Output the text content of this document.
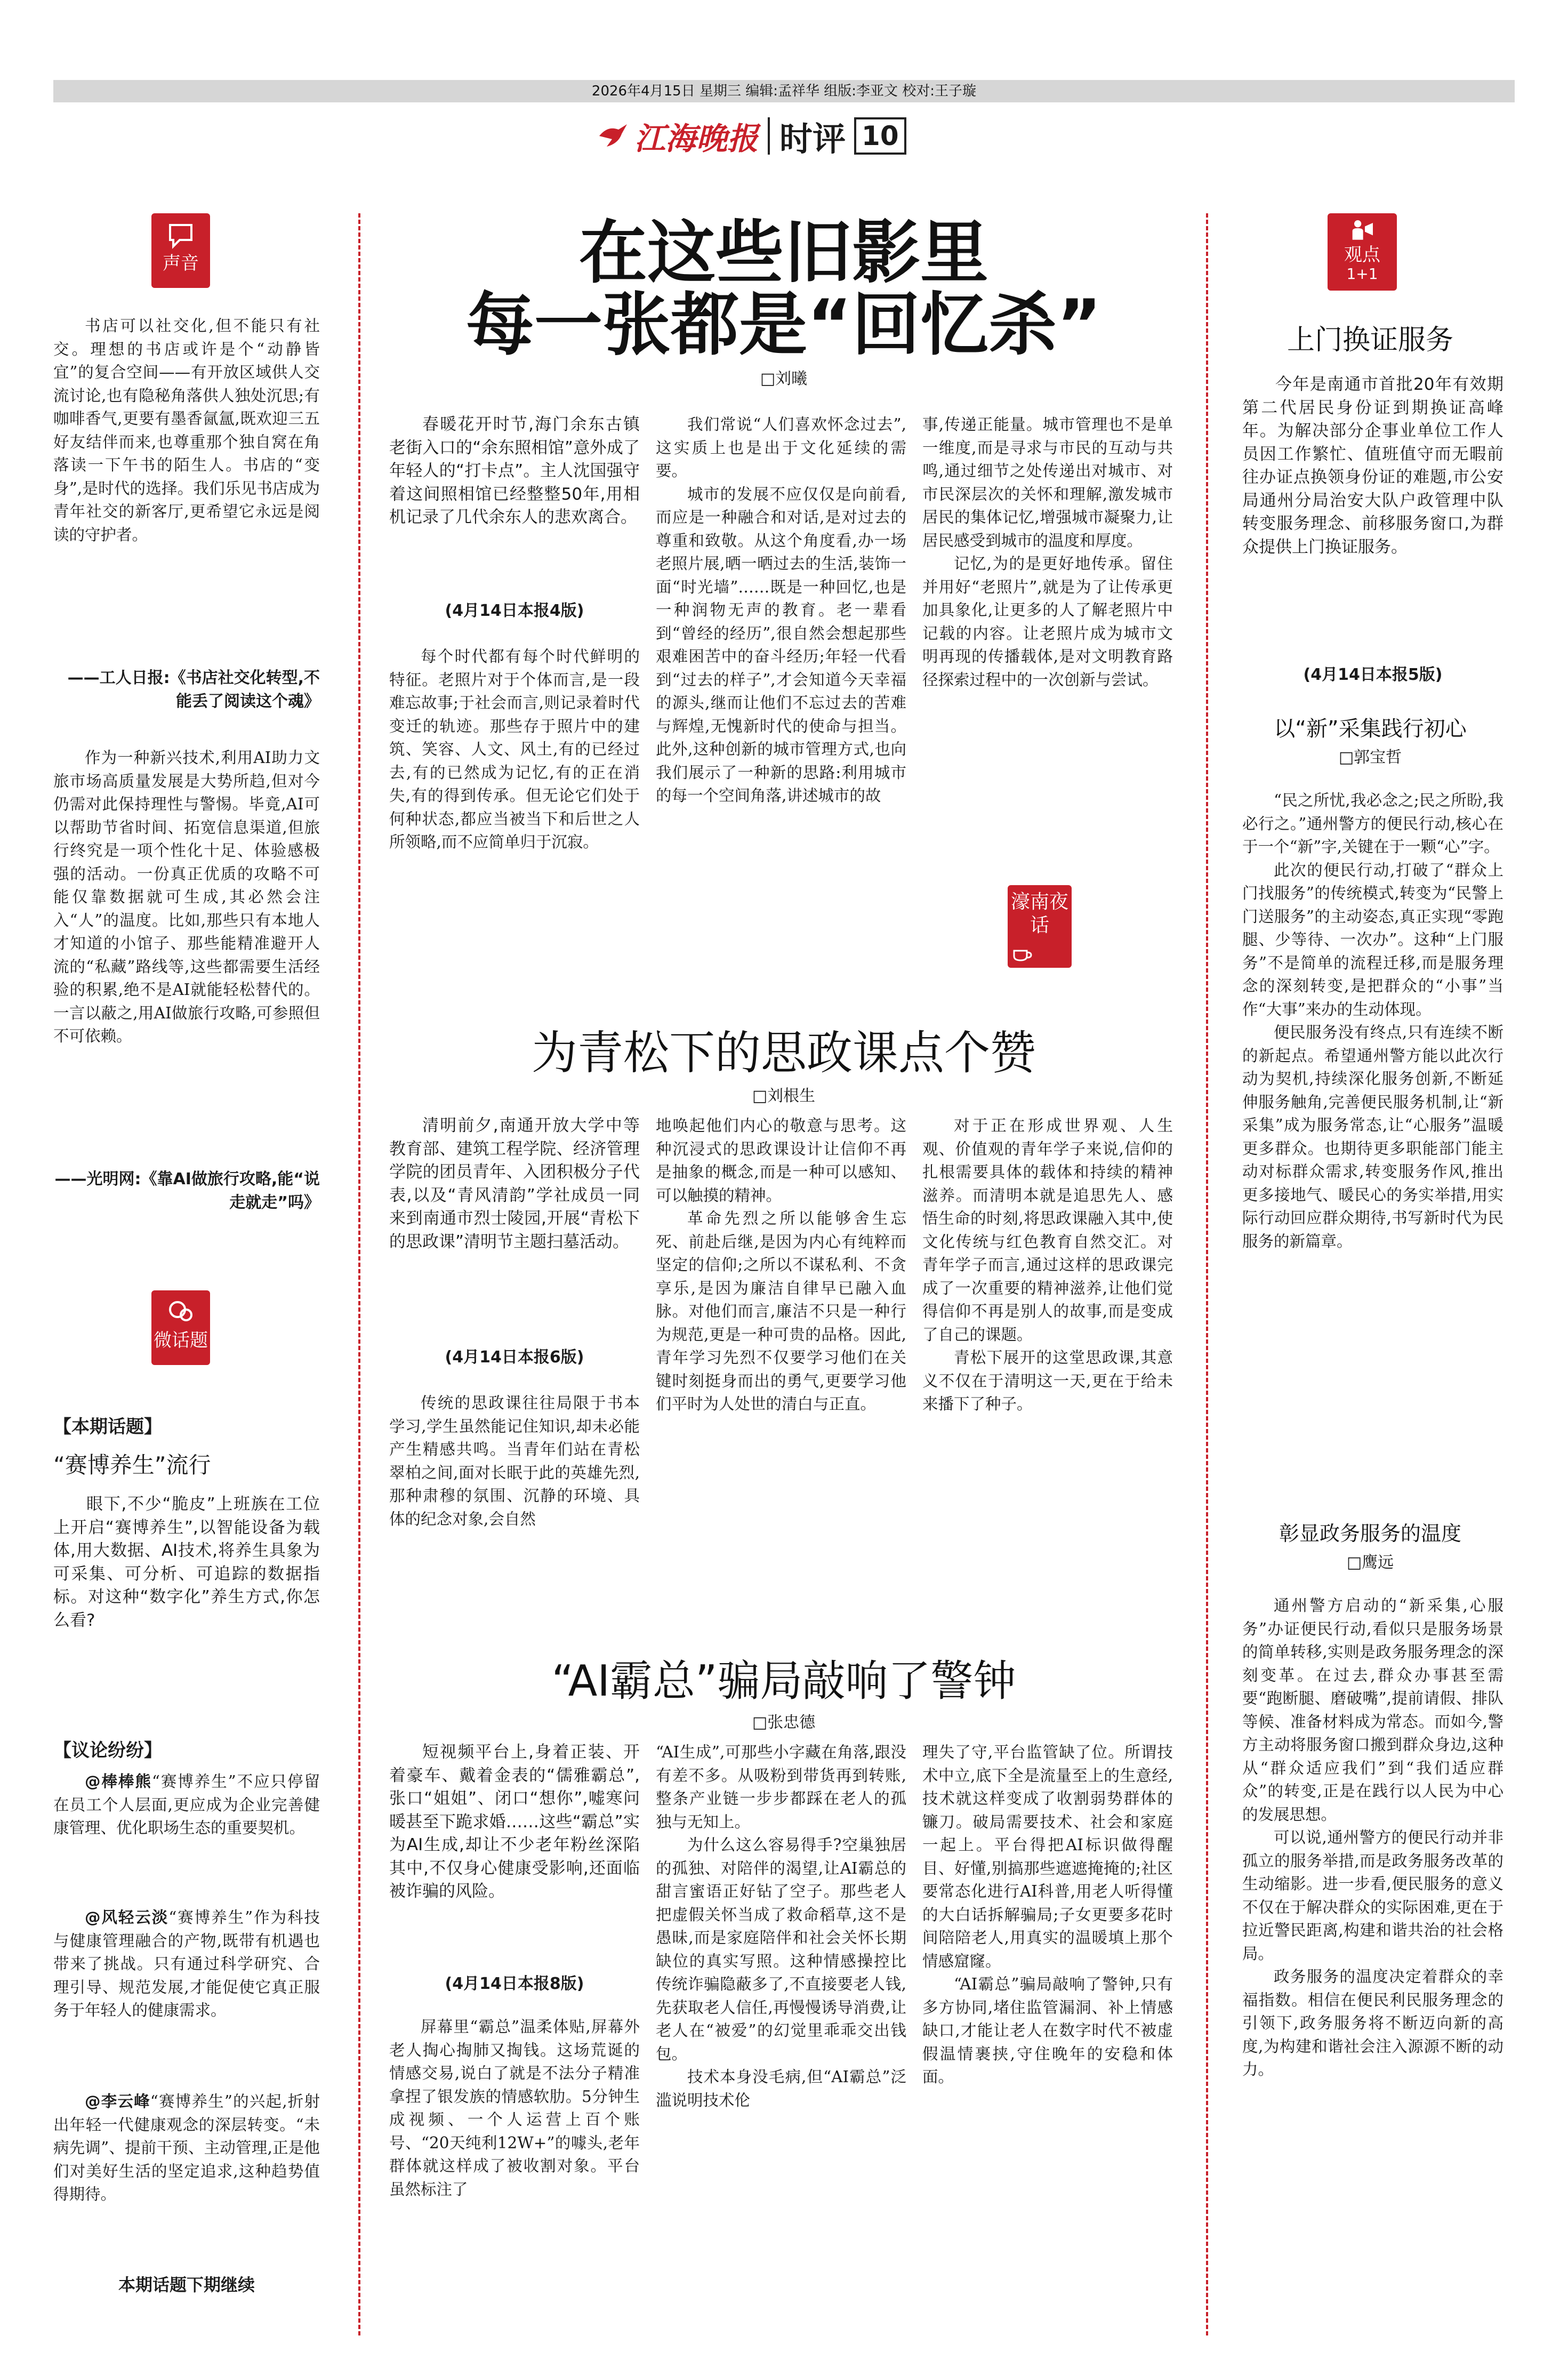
2026年4月15日 星期三 编辑:孟祥华 组版:李亚文 校对:王子璇
江海晚报 时评 10
声音

书店可以社交化,但不能只有社交。理想的书店或许是个“动静皆宜”的复合空间——有开放区域供人交流讨论,也有隐秘角落供人独处沉思;有咖啡香气,更要有墨香氤氲,既欢迎三五好友结伴而来,也尊重那个独自窝在角落读一下午书的陌生人。书店的“变身”,是时代的选择。我们乐见书店成为青年社交的新客厅,更希望它永远是阅读的守护者。

——工人日报:《书店社交化转型,不能丢了阅读这个魂》

作为一种新兴技术,利用AI助力文旅市场高质量发展是大势所趋,但对今仍需对此保持理性与警惕。毕竟,AI可以帮助节省时间、拓宽信息渠道,但旅行终究是一项个性化十足、体验感极强的活动。一份真正优质的攻略不可能仅靠数据就可生成,其必然会注入“人”的温度。比如,那些只有本地人才知道的小馆子、那些能精准避开人流的“私藏”路线等,这些都需要生活经验的积累,绝不是AI就能轻松替代的。一言以蔽之,用AI做旅行攻略,可参照但不可依赖。

——光明网:《靠AI做旅行攻略,能“说走就走”吗》
微话题
【本期话题】
“赛博养生”流行

眼下,不少“脆皮”上班族在工位上开启“赛博养生”,以智能设备为载体,用大数据、AI技术,将养生具象为可采集、可分析、可追踪的数据指标。对这种“数字化”养生方式,你怎么看?

【议论纷纷】

@棒棒熊“赛博养生”不应只停留在员工个人层面,更应成为企业完善健康管理、优化职场生态的重要契机。

@风轻云淡“赛博养生”作为科技与健康管理融合的产物,既带有机遇也带来了挑战。只有通过科学研究、合理引导、规范发展,才能促使它真正服务于年轻人的健康需求。

@李云峰“赛博养生”的兴起,折射出年轻一代健康观念的深层转变。“未病先调”、提前干预、主动管理,正是他们对美好生活的坚定追求,这种趋势值得期待。

本期话题下期继续
在这些旧影里
每一张都是“回忆杀”
□刘曦

春暖花开时节,海门余东古镇老街入口的“余东照相馆”意外成了年轻人的“打卡点”。主人沈国强守着这间照相馆已经整整50年,用相机记录了几代余东人的悲欢离合。

(4月14日本报4版)

每个时代都有每个时代鲜明的特征。老照片对于个体而言,是一段难忘故事;于社会而言,则记录着时代变迁的轨迹。那些存于照片中的建筑、笑容、人文、风土,有的已经过去,有的已然成为记忆,有的正在消失,有的得到传承。但无论它们处于何种状态,都应当被当下和后世之人所领略,而不应简单归于沉寂。

我们常说“人们喜欢怀念过去”,这实质上也是出于文化延续的需要。

城市的发展不应仅仅是向前看,而应是一种融合和对话,是对过去的尊重和致敬。从这个角度看,办一场老照片展,晒一晒过去的生活,装饰一面“时光墙”……既是一种回忆,也是一种润物无声的教育。老一辈看到“曾经的经历”,很自然会想起那些艰难困苦中的奋斗经历;年轻一代看到“过去的样子”,才会知道今天幸福的源头,继而让他们不忘过去的苦难与辉煌,无愧新时代的使命与担当。此外,这种创新的城市管理方式,也向我们展示了一种新的思路:利用城市的每一个空间角落,讲述城市的故

事,传递正能量。城市管理也不是单一维度,而是寻求与市民的互动与共鸣,通过细节之处传递出对城市、对市民深层次的关怀和理解,激发城市居民的集体记忆,增强城市凝聚力,让居民感受到城市的温度和厚度。

记忆,为的是更好地传承。留住并用好“老照片”,就是为了让传承更加具象化,让更多的人了解老照片中记载的内容。让老照片成为城市文明再现的传播载体,是对文明教育路径探索过程中的一次创新与尝试。

濠南夜话
为青松下的思政课点个赞
□刘根生

清明前夕,南通开放大学中等教育部、建筑工程学院、经济管理学院的团员青年、入团积极分子代表,以及“青风清韵”学社成员一同来到南通市烈士陵园,开展“青松下的思政课”清明节主题扫墓活动。

(4月14日本报6版)

传统的思政课往往局限于书本学习,学生虽然能记住知识,却未必能产生精感共鸣。当青年们站在青松翠柏之间,面对长眠于此的英雄先烈,那种肃穆的氛围、沉静的环境、具体的纪念对象,会自然

地唤起他们内心的敬意与思考。这种沉浸式的思政课设计让信仰不再是抽象的概念,而是一种可以感知、可以触摸的精神。

革命先烈之所以能够舍生忘死、前赴后继,是因为内心有纯粹而坚定的信仰;之所以不谋私利、不贪享乐,是因为廉洁自律早已融入血脉。对他们而言,廉洁不只是一种行为规范,更是一种可贵的品格。因此,青年学习先烈不仅要学习他们在关键时刻挺身而出的勇气,更要学习他们平时为人处世的清白与正直。

对于正在形成世界观、人生观、价值观的青年学子来说,信仰的扎根需要具体的载体和持续的精神滋养。而清明本就是追思先人、感悟生命的时刻,将思政课融入其中,使文化传统与红色教育自然交汇。对青年学子而言,通过这样的思政课完成了一次重要的精神滋养,让他们觉得信仰不再是别人的故事,而是变成了自己的课题。

青松下展开的这堂思政课,其意义不仅在于清明这一天,更在于给未来播下了种子。

“AI霸总”骗局敲响了警钟
□张忠德

短视频平台上,身着正装、开着豪车、戴着金表的“儒雅霸总”,张口“姐姐”、闭口“想你”,嘘寒问暖甚至下跪求婚……这些“霸总”实为AI生成,却让不少老年粉丝深陷其中,不仅身心健康受影响,还面临被诈骗的风险。

(4月14日本报8版)

屏幕里“霸总”温柔体贴,屏幕外老人掏心掏肺又掏钱。这场荒诞的情感交易,说白了就是不法分子精准拿捏了银发族的情感软肋。5分钟生成视频、一个人运营上百个账号、“20天纯利12W+”的噱头,老年群体就这样成了被收割对象。平台虽然标注了

“AI生成”,可那些小字藏在角落,跟没有差不多。从吸粉到带货再到转账,整条产业链一步步都踩在老人的孤独与无知上。

为什么这么容易得手?空巢独居的孤独、对陪伴的渴望,让AI霸总的甜言蜜语正好钻了空子。那些老人把虚假关怀当成了救命稻草,这不是愚昧,而是家庭陪伴和社会关怀长期缺位的真实写照。这种情感操控比传统诈骗隐蔽多了,不直接要老人钱,先获取老人信任,再慢慢诱导消费,让老人在“被爱”的幻觉里乖乖交出钱包。

技术本身没毛病,但“AI霸总”泛滥说明技术伦

理失了守,平台监管缺了位。所谓技术中立,底下全是流量至上的生意经,技术就这样变成了收割弱势群体的镰刀。破局需要技术、社会和家庭一起上。平台得把AI标识做得醒目、好懂,别搞那些遮遮掩掩的;社区要常态化进行AI科普,用老人听得懂的大白话拆解骗局;子女更要多花时间陪陪老人,用真实的温暖填上那个情感窟窿。

“AI霸总”骗局敲响了警钟,只有多方协同,堵住监管漏洞、补上情感缺口,才能让老人在数字时代不被虚假温情裹挟,守住晚年的安稳和体面。

观点
1+1
上门换证服务

今年是南通市首批20年有效期第二代居民身份证到期换证高峰年。为解决部分企事业单位工作人员因工作繁忙、值班值守而无暇前往办证点换领身份证的难题,市公安局通州分局治安大队户政管理中队转变服务理念、前移服务窗口,为群众提供上门换证服务。

(4月14日本报5版)
以“新”采集践行初心
□郭宝哲

“民之所忧,我必念之;民之所盼,我必行之。”通州警方的便民行动,核心在于一个“新”字,关键在于一颗“心”字。

此次的便民行动,打破了“群众上门找服务”的传统模式,转变为“民警上门送服务”的主动姿态,真正实现“零跑腿、少等待、一次办”。这种“上门服务”不是简单的流程迁移,而是服务理念的深刻转变,是把群众的“小事”当作“大事”来办的生动体现。

便民服务没有终点,只有连续不断的新起点。希望通州警方能以此次行动为契机,持续深化服务创新,不断延伸服务触角,完善便民服务机制,让“新采集”成为服务常态,让“心服务”温暖更多群众。也期待更多职能部门能主动对标群众需求,转变服务作风,推出更多接地气、暖民心的务实举措,用实际行动回应群众期待,书写新时代为民服务的新篇章。

彰显政务服务的温度
□鹰远

通州警方启动的“新采集,心服务”办证便民行动,看似只是服务场景的简单转移,实则是政务服务理念的深刻变革。在过去,群众办事甚至需要“跑断腿、磨破嘴”,提前请假、排队等候、准备材料成为常态。而如今,警方主动将服务窗口搬到群众身边,这种从“群众适应我们”到“我们适应群众”的转变,正是在践行以人民为中心的发展思想。

可以说,通州警方的便民行动并非孤立的服务举措,而是政务服务改革的生动缩影。进一步看,便民服务的意义不仅在于解决群众的实际困难,更在于拉近警民距离,构建和谐共治的社会格局。

政务服务的温度决定着群众的幸福指数。相信在便民利民服务理念的引领下,政务服务将不断迈向新的高度,为构建和谐社会注入源源不断的动力。
